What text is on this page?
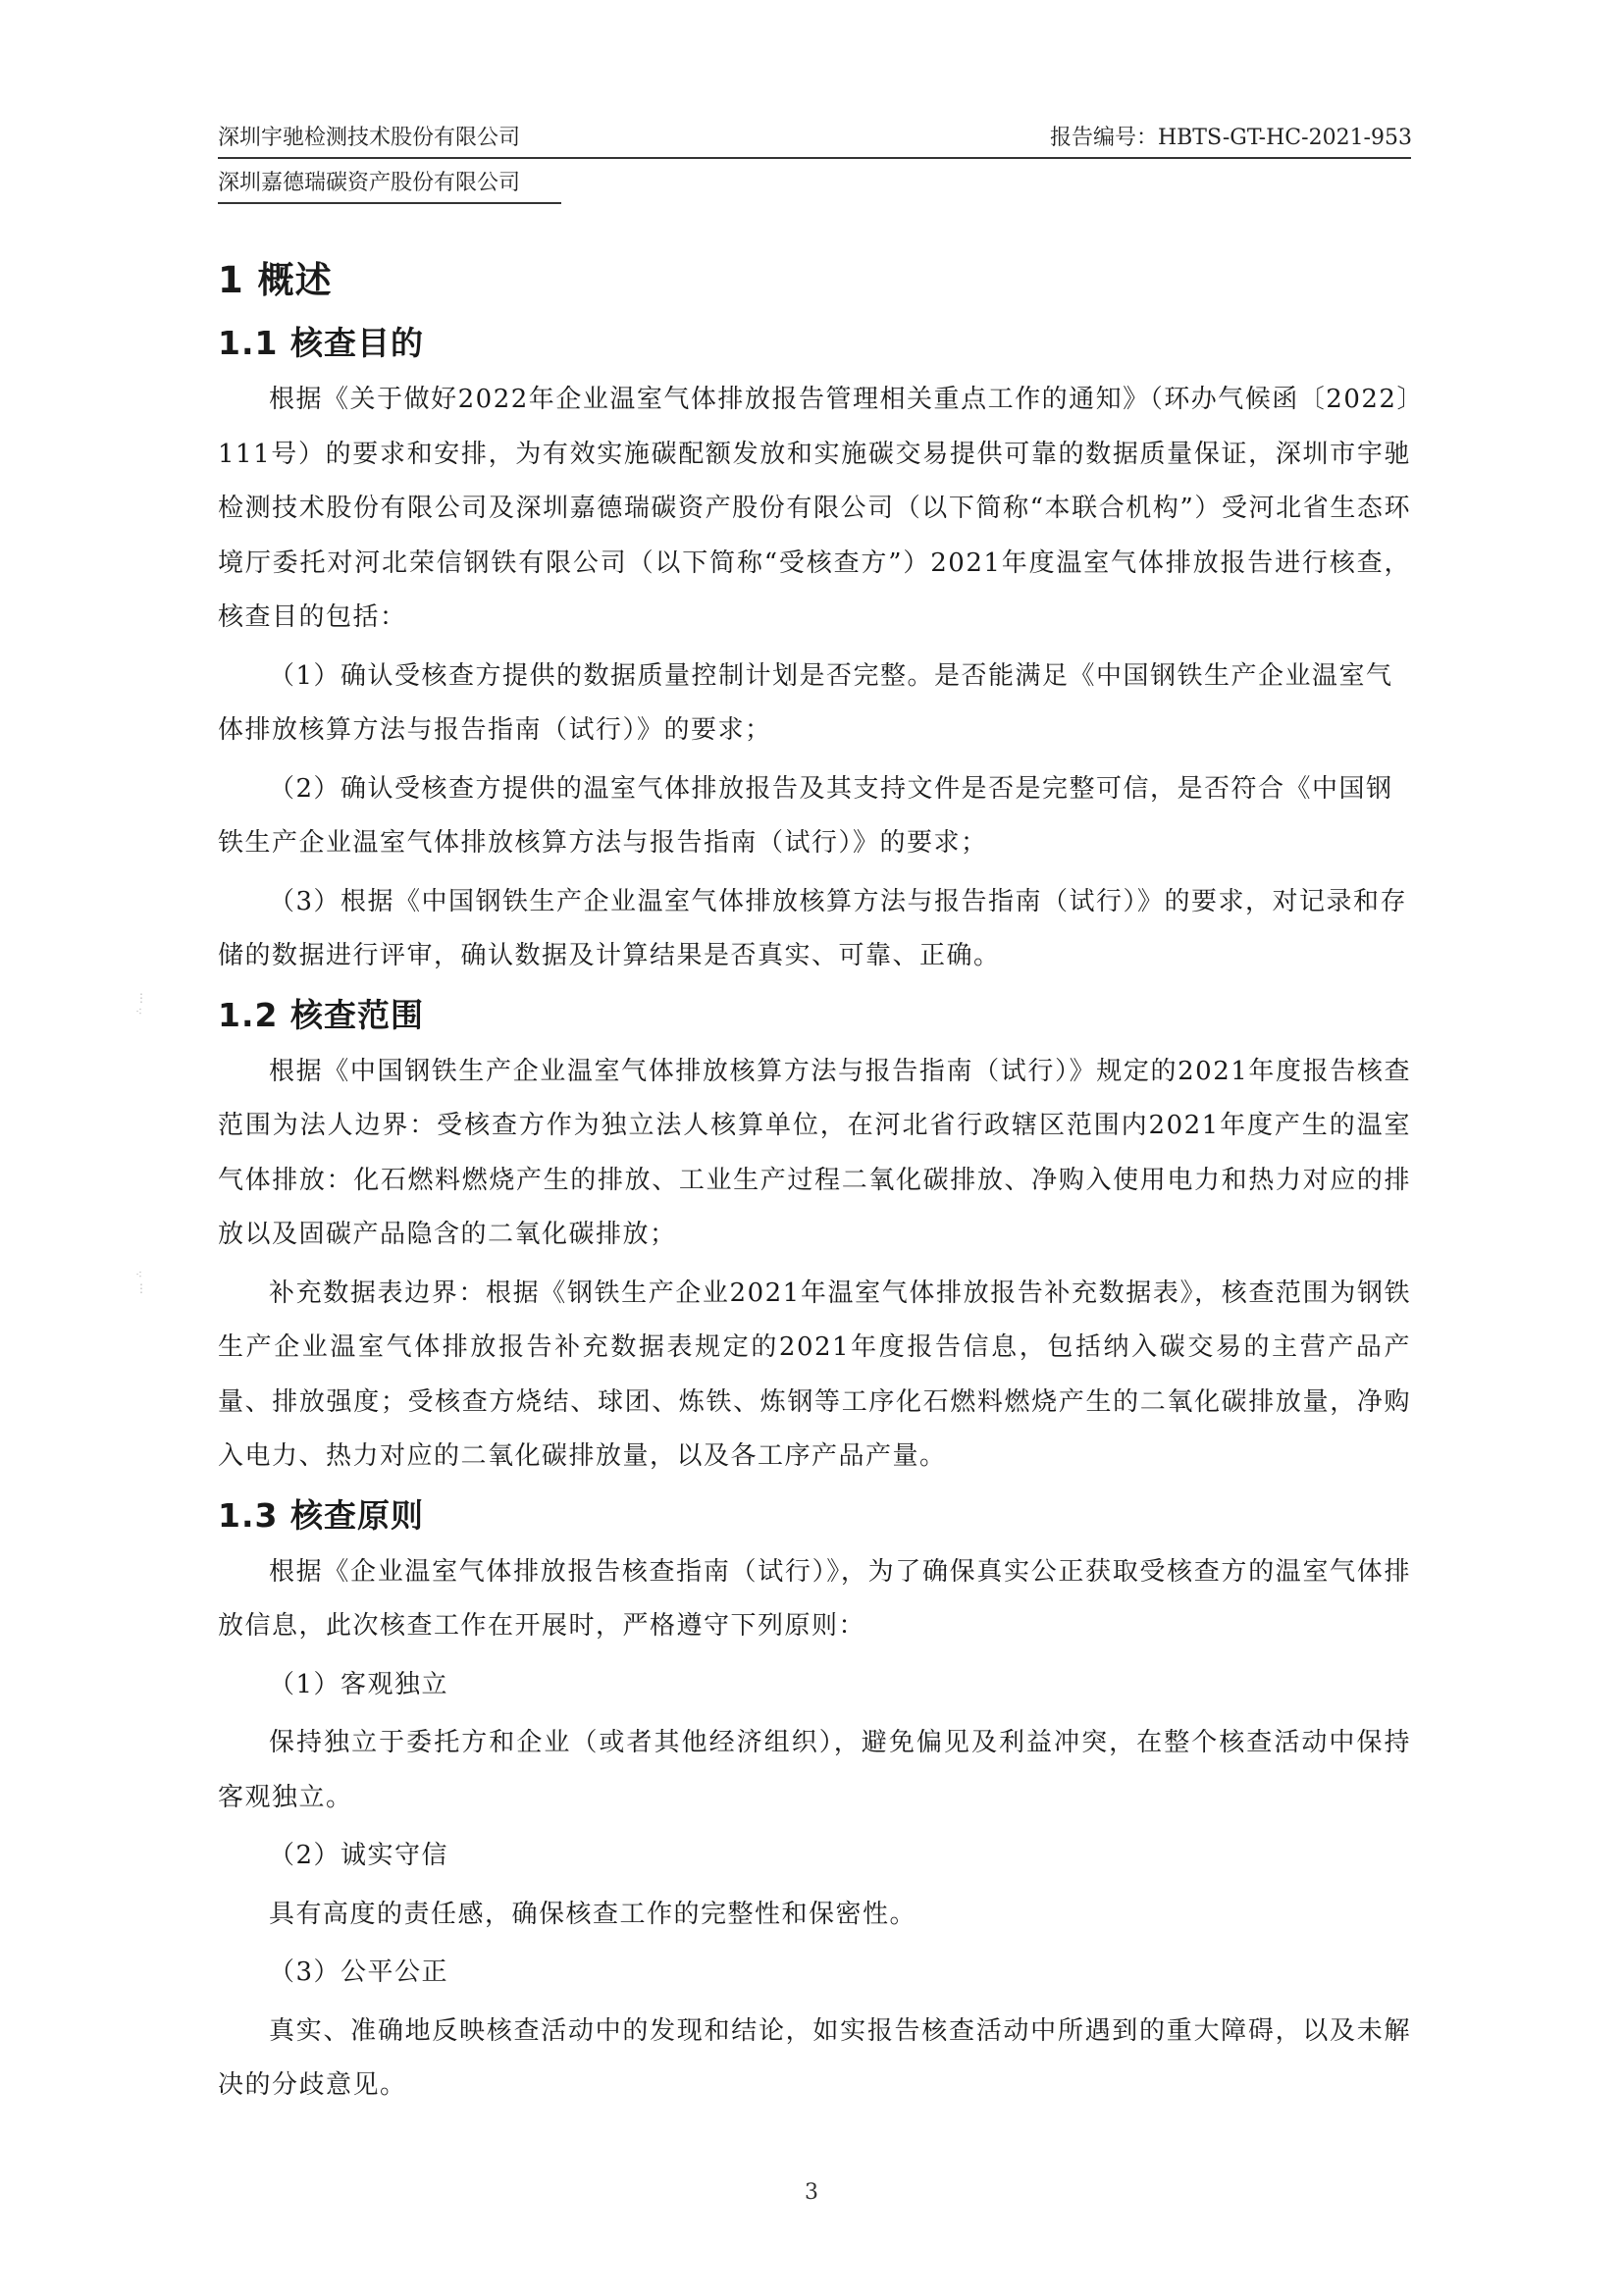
深圳宇驰检测技术股份有限公司	报告编号：HBTS-GT-HC-2021-953
深圳嘉德瑞碳资产股份有限公司
⋮
⁖
⁖
⋮
1 概述
1.1 核查目的

根据《关于做好2022年企业温室气体排放报告管理相关重点工作的通知》（环办气候函〔2022〕111号）的要求和安排，为有效实施碳配额发放和实施碳交易提供可靠的数据质量保证，深圳市宇驰检测技术股份有限公司及深圳嘉德瑞碳资产股份有限公司（以下简称“本联合机构”）受河北省生态环境厅委托对河北荣信钢铁有限公司（以下简称“受核查方”）2021年度温室气体排放报告进行核查，核查目的包括：

（1）确认受核查方提供的数据质量控制计划是否完整。是否能满足《中国钢铁生产企业温室气体排放核算方法与报告指南（试行）》的要求；

（2）确认受核查方提供的温室气体排放报告及其支持文件是否是完整可信，是否符合《中国钢铁生产企业温室气体排放核算方法与报告指南（试行）》的要求；

（3）根据《中国钢铁生产企业温室气体排放核算方法与报告指南（试行）》的要求，对记录和存储的数据进行评审，确认数据及计算结果是否真实、可靠、正确。

1.2 核查范围

根据《中国钢铁生产企业温室气体排放核算方法与报告指南（试行）》规定的2021年度报告核查范围为法人边界：受核查方作为独立法人核算单位，在河北省行政辖区范围内2021年度产生的温室气体排放：化石燃料燃烧产生的排放、工业生产过程二氧化碳排放、净购入使用电力和热力对应的排放以及固碳产品隐含的二氧化碳排放；

补充数据表边界：根据《钢铁生产企业2021年温室气体排放报告补充数据表》，核查范围为钢铁生产企业温室气体排放报告补充数据表规定的2021年度报告信息，包括纳入碳交易的主营产品产量、排放强度；受核查方烧结、球团、炼铁、炼钢等工序化石燃料燃烧产生的二氧化碳排放量，净购入电力、热力对应的二氧化碳排放量，以及各工序产品产量。

1.3 核查原则

根据《企业温室气体排放报告核查指南（试行）》，为了确保真实公正获取受核查方的温室气体排放信息，此次核查工作在开展时，严格遵守下列原则：

（1）客观独立

保持独立于委托方和企业（或者其他经济组织），避免偏见及利益冲突，在整个核查活动中保持客观独立。

（2）诚实守信

具有高度的责任感，确保核查工作的完整性和保密性。

（3）公平公正

真实、准确地反映核查活动中的发现和结论，如实报告核查活动中所遇到的重大障碍，以及未解决的分歧意见。

3
